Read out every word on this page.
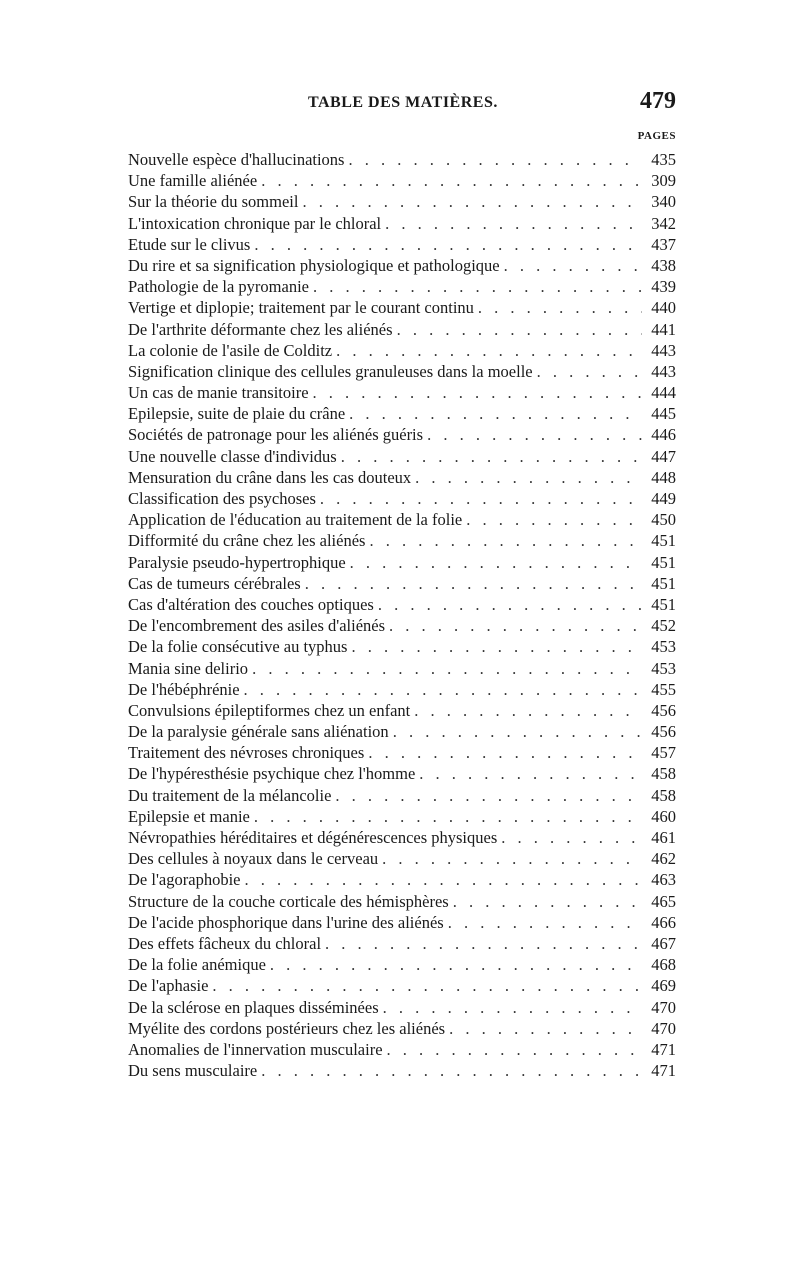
TABLE DES MATIÈRES.	479
PAGES
Nouvelle espèce d'hallucinations . . .	435
Une famille aliénée . . .	309
Sur la théorie du sommeil . . .	340
L'intoxication chronique par le chloral . . .	342
Etude sur le clivus . . .	437
Du rire et sa signification physiologique et pathologique . . .	438
Pathologie de la pyromanie . . .	439
Vertige et diplopie; traitement par le courant continu . . .	440
De l'arthrite déformante chez les aliénés . . .	441
La colonie de l'asile de Colditz . . .	443
Signification clinique des cellules granuleuses dans la moelle . . .	443
Un cas de manie transitoire . . .	444
Epilepsie, suite de plaie du crâne . . .	445
Sociétés de patronage pour les aliénés guéris . . .	446
Une nouvelle classe d'individus . . .	447
Mensuration du crâne dans les cas douteux . . .	448
Classification des psychoses . . .	449
Application de l'éducation au traitement de la folie . . .	450
Difformité du crâne chez les aliénés . . .	451
Paralysie pseudo-hypertrophique . . .	451
Cas de tumeurs cérébrales . . .	451
Cas d'altération des couches optiques . . .	451
De l'encombrement des asiles d'aliénés . . .	452
De la folie consécutive au typhus . . .	453
Mania sine delirio . . .	453
De l'hébéphrénie . . .	455
Convulsions épileptiformes chez un enfant . . .	456
De la paralysie générale sans aliénation . . .	456
Traitement des névroses chroniques . . .	457
De l'hypéresthésie psychique chez l'homme . . .	458
Du traitement de la mélancolie . . .	458
Epilepsie et manie . . .	460
Névropathies héréditaires et dégénérescences physiques . . .	461
Des cellules à noyaux dans le cerveau . . .	462
De l'agoraphobie . . .	463
Structure de la couche corticale des hémisphères . . .	465
De l'acide phosphorique dans l'urine des aliénés . . .	466
Des effets fâcheux du chloral . . .	467
De la folie anémique . . .	468
De l'aphasie . . .	469
De la sclérose en plaques disséminées . . .	470
Myélite des cordons postérieurs chez les aliénés . . .	470
Anomalies de l'innervation musculaire . . .	471
Du sens musculaire . . .	471
